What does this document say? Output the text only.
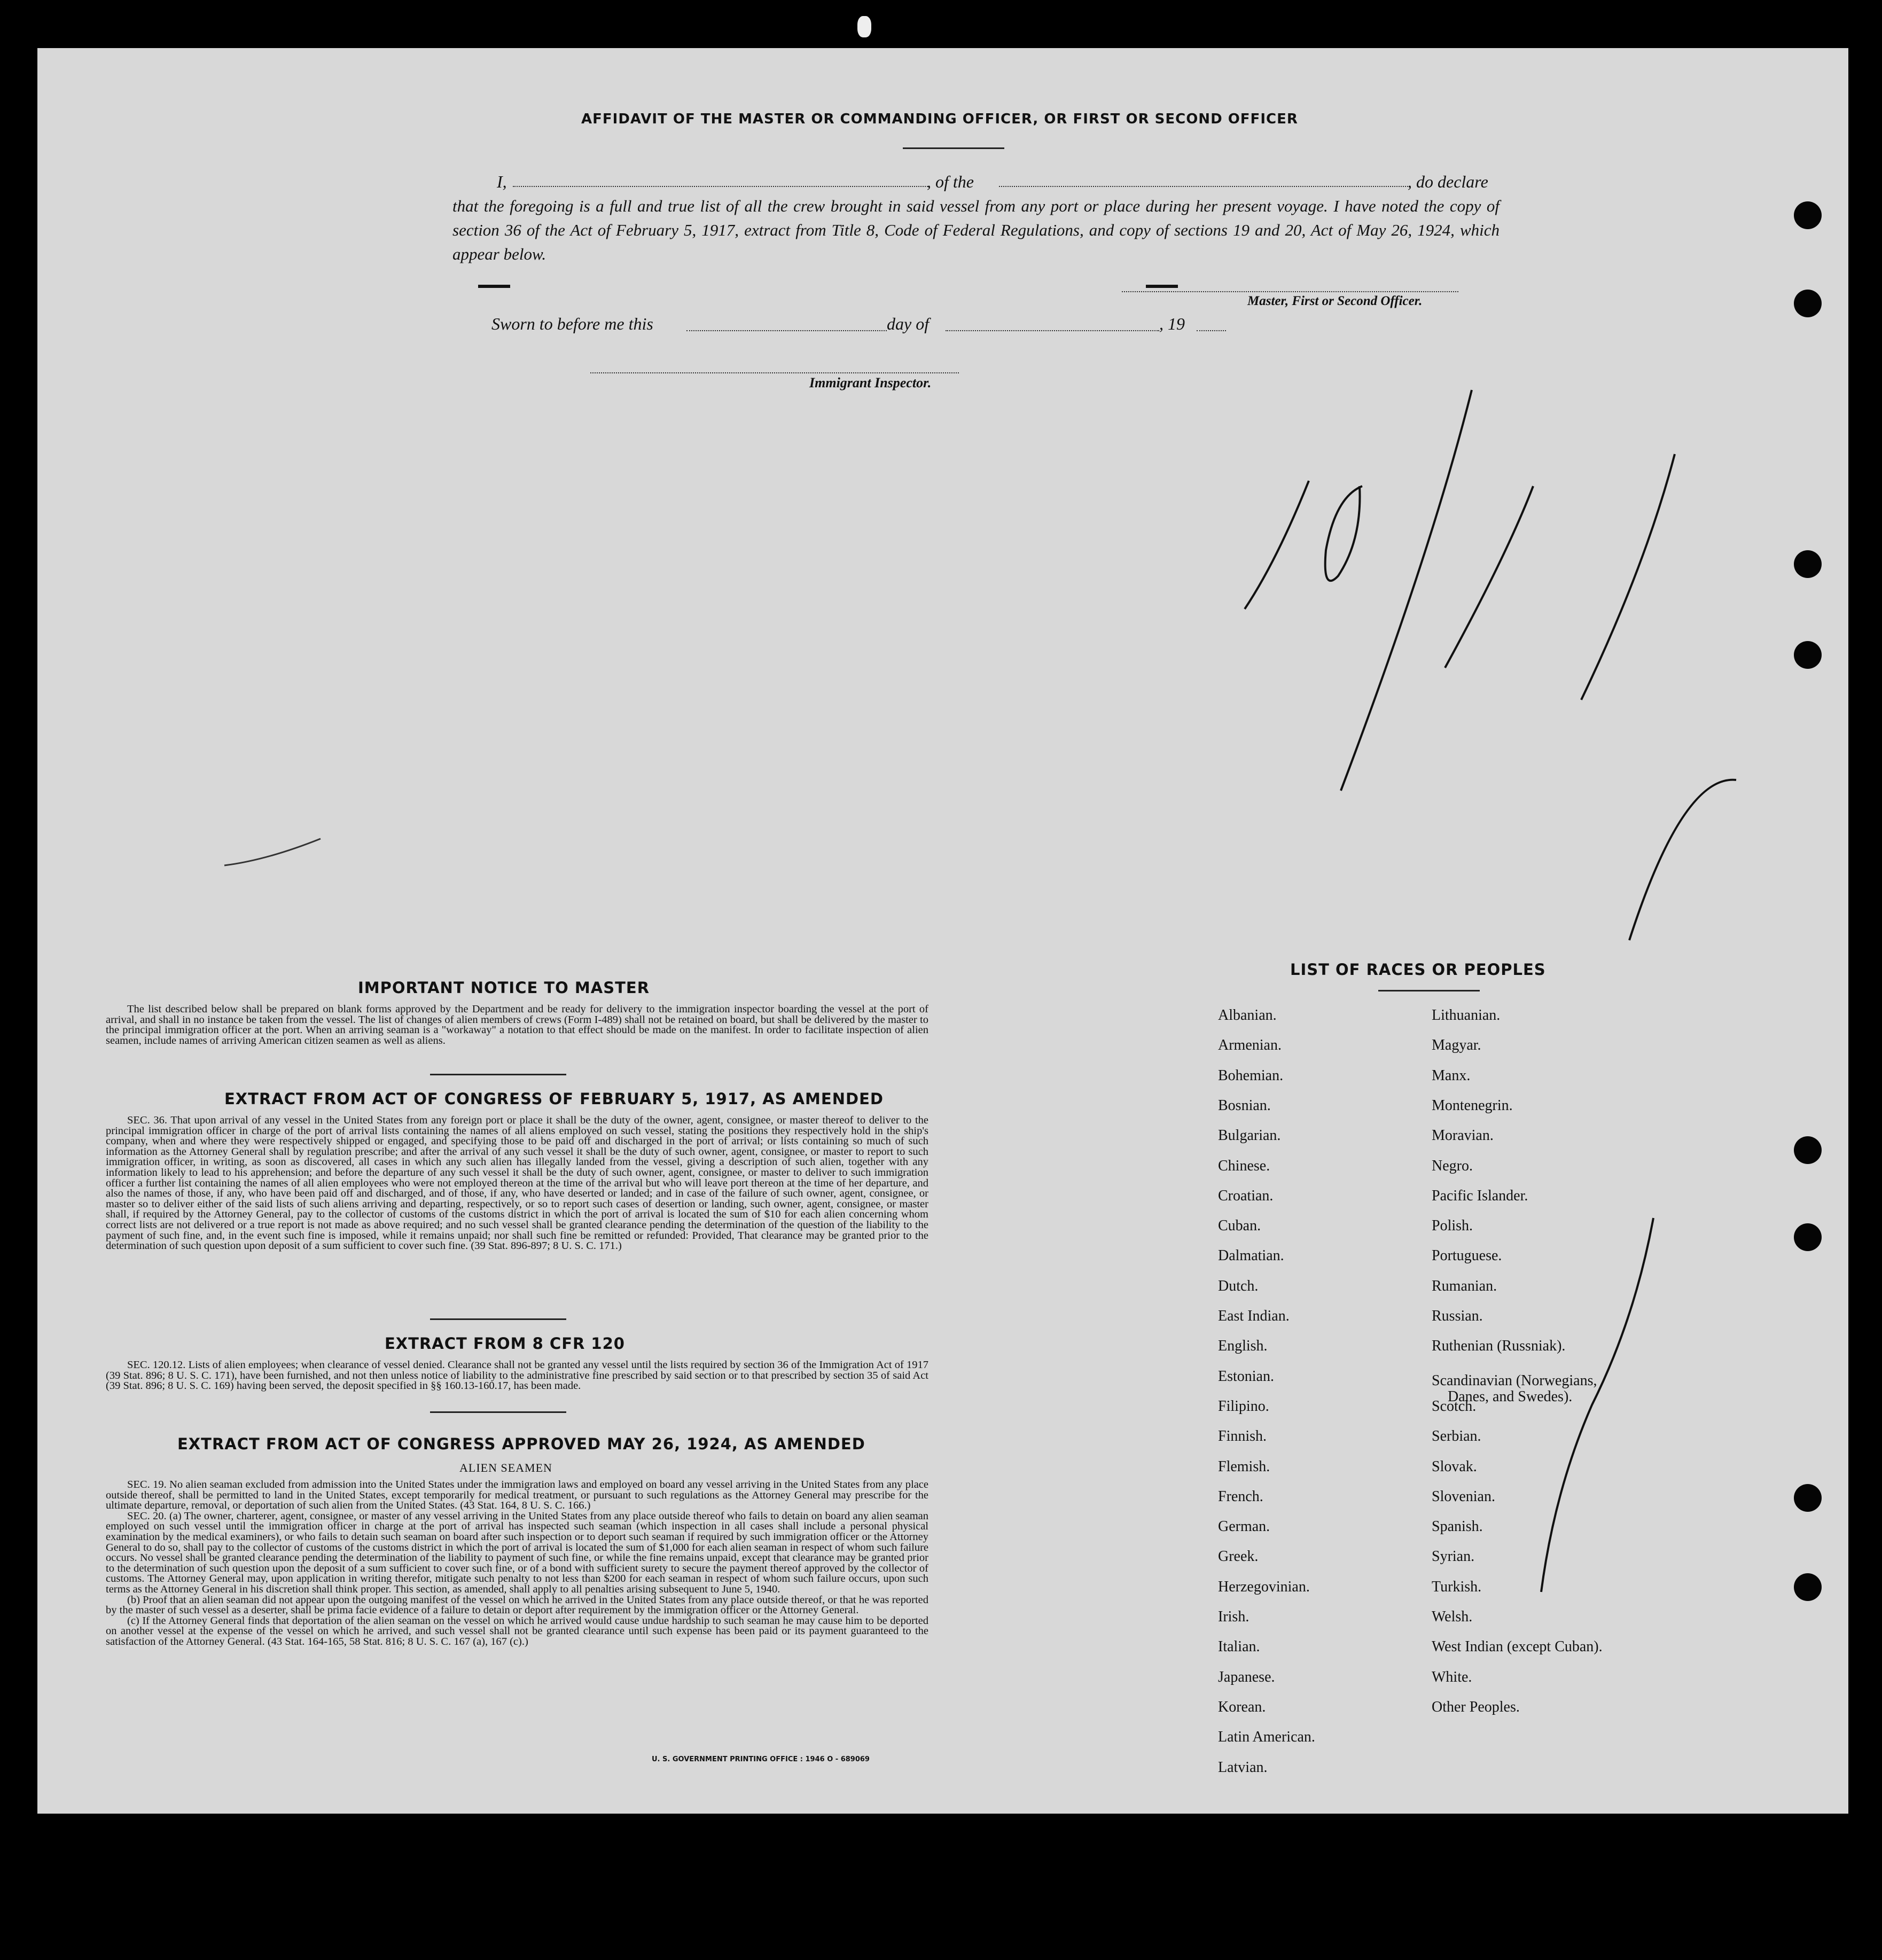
AFFIDAVIT OF THE MASTER OR COMMANDING OFFICER, OR FIRST OR SECOND OFFICER
I,	, of the	, do declare
that the foregoing is a full and true list of all the crew brought in said vessel from any port or place during her present voyage. I have noted the copy of section 36 of the Act of February 5, 1917, extract from Title 8, Code of Federal Regulations, and copy of sections 19 and 20, Act of May 26, 1924, which appear below.
Master, First or Second Officer.
Sworn to before me this	day of	, 19
Immigrant Inspector.
IMPORTANT NOTICE TO MASTER

The list described below shall be prepared on blank forms approved by the Department and be ready for delivery to the immigration inspector boarding the vessel at the port of arrival, and shall in no instance be taken from the vessel. The list of changes of alien members of crews (Form I-489) shall not be retained on board, but shall be delivered by the master to the principal immigration officer at the port. When an arriving seaman is a "workaway" a notation to that effect should be made on the manifest. In order to facilitate inspection of alien seamen, include names of arriving American citizen seamen as well as aliens.

EXTRACT FROM ACT OF CONGRESS OF FEBRUARY 5, 1917, AS AMENDED

SEC. 36. That upon arrival of any vessel in the United States from any foreign port or place it shall be the duty of the owner, agent, consignee, or master thereof to deliver to the principal immigration officer in charge of the port of arrival lists containing the names of all aliens employed on such vessel, stating the positions they respectively hold in the ship's company, when and where they were respectively shipped or engaged, and specifying those to be paid off and discharged in the port of arrival; or lists containing so much of such information as the Attorney General shall by regulation prescribe; and after the arrival of any such vessel it shall be the duty of such owner, agent, consignee, or master to report to such immigration officer, in writing, as soon as discovered, all cases in which any such alien has illegally landed from the vessel, giving a description of such alien, together with any information likely to lead to his apprehension; and before the departure of any such vessel it shall be the duty of such owner, agent, consignee, or master to deliver to such immigration officer a further list containing the names of all alien employees who were not employed thereon at the time of the arrival but who will leave port thereon at the time of her departure, and also the names of those, if any, who have been paid off and discharged, and of those, if any, who have deserted or landed; and in case of the failure of such owner, agent, consignee, or master so to deliver either of the said lists of such aliens arriving and departing, respectively, or so to report such cases of desertion or landing, such owner, agent, consignee, or master shall, if required by the Attorney General, pay to the collector of customs of the customs district in which the port of arrival is located the sum of $10 for each alien concerning whom correct lists are not delivered or a true report is not made as above required; and no such vessel shall be granted clearance pending the determination of the question of the liability to the payment of such fine, and, in the event such fine is imposed, while it remains unpaid; nor shall such fine be remitted or refunded: Provided, That clearance may be granted prior to the determination of such question upon deposit of a sum sufficient to cover such fine. (39 Stat. 896-897; 8 U. S. C. 171.)

EXTRACT FROM 8 CFR 120

SEC. 120.12. Lists of alien employees; when clearance of vessel denied. Clearance shall not be granted any vessel until the lists required by section 36 of the Immigration Act of 1917 (39 Stat. 896; 8 U. S. C. 171), have been furnished, and not then unless notice of liability to the administrative fine prescribed by said section or to that prescribed by section 35 of said Act (39 Stat. 896; 8 U. S. C. 169) having been served, the deposit specified in §§ 160.13-160.17, has been made.

EXTRACT FROM ACT OF CONGRESS APPROVED MAY 26, 1924, AS AMENDED
ALIEN SEAMEN

SEC. 19. No alien seaman excluded from admission into the United States under the immigration laws and employed on board any vessel arriving in the United States from any place outside thereof, shall be permitted to land in the United States, except temporarily for medical treatment, or pursuant to such regulations as the Attorney General may prescribe for the ultimate departure, removal, or deportation of such alien from the United States. (43 Stat. 164, 8 U. S. C. 166.)

SEC. 20. (a) The owner, charterer, agent, consignee, or master of any vessel arriving in the United States from any place outside thereof who fails to detain on board any alien seaman employed on such vessel until the immigration officer in charge at the port of arrival has inspected such seaman (which inspection in all cases shall include a personal physical examination by the medical examiners), or who fails to detain such seaman on board after such inspection or to deport such seaman if required by such immigration officer or the Attorney General to do so, shall pay to the collector of customs of the customs district in which the port of arrival is located the sum of $1,000 for each alien seaman in respect of whom such failure occurs. No vessel shall be granted clearance pending the determination of the liability to payment of such fine, or while the fine remains unpaid, except that clearance may be granted prior to the determination of such question upon the deposit of a sum sufficient to cover such fine, or of a bond with sufficient surety to secure the payment thereof approved by the collector of customs. The Attorney General may, upon application in writing therefor, mitigate such penalty to not less than $200 for each seaman in respect of whom such failure occurs, upon such terms as the Attorney General in his discretion shall think proper. This section, as amended, shall apply to all penalties arising subsequent to June 5, 1940.

(b) Proof that an alien seaman did not appear upon the outgoing manifest of the vessel on which he arrived in the United States from any place outside thereof, or that he was reported by the master of such vessel as a deserter, shall be prima facie evidence of a failure to detain or deport after requirement by the immigration officer or the Attorney General.

(c) If the Attorney General finds that deportation of the alien seaman on the vessel on which he arrived would cause undue hardship to such seaman he may cause him to be deported on another vessel at the expense of the vessel on which he arrived, and such vessel shall not be granted clearance until such expense has been paid or its payment guaranteed to the satisfaction of the Attorney General. (43 Stat. 164-165, 58 Stat. 816; 8 U. S. C. 167 (a), 167 (c).)

U. S. GOVERNMENT PRINTING OFFICE : 1946 O - 689069
LIST OF RACES OR PEOPLES
Albanian.
Armenian.
Bohemian.
Bosnian.
Bulgarian.
Chinese.
Croatian.
Cuban.
Dalmatian.
Dutch.
East Indian.
English.
Estonian.
Filipino.
Finnish.
Flemish.
French.
German.
Greek.
Herzegovinian.
Irish.
Italian.
Japanese.
Korean.
Latin American.
Latvian.
Lithuanian.
Magyar.
Manx.
Montenegrin.
Moravian.
Negro.
Pacific Islander.
Polish.
Portuguese.
Rumanian.
Russian.
Ruthenian (Russniak).
Scandinavian (Norwegians,
Danes, and Swedes).
Scotch.
Serbian.
Slovak.
Slovenian.
Spanish.
Syrian.
Turkish.
Welsh.
West Indian (except Cuban).
White.
Other Peoples.
